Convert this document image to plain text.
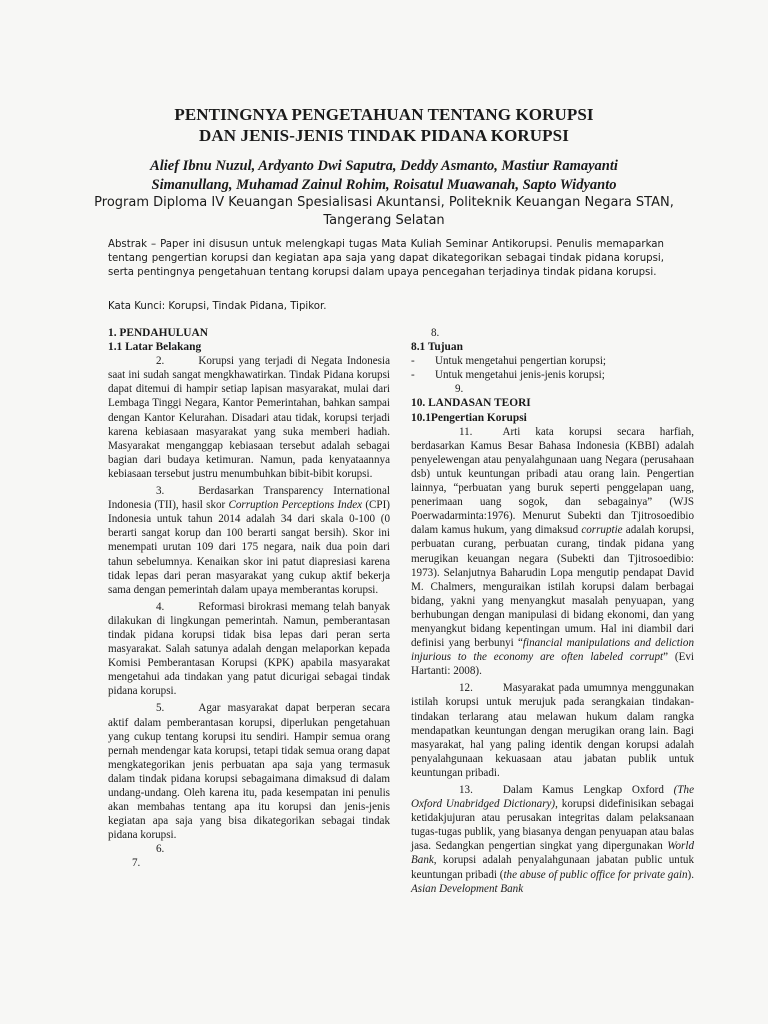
PENTINGNYA PENGETAHUAN TENTANG KORUPSI
DAN JENIS-JENIS TINDAK PIDANA KORUPSI
Alief Ibnu Nuzul, Ardyanto Dwi Saputra, Deddy Asmanto, Mastiur Ramayanti
Simanullang, Muhamad Zainul Rohim, Roisatul Muawanah, Sapto Widyanto
Program Diploma IV Keuangan Spesialisasi Akuntansi, Politeknik Keuangan Negara STAN,
Tangerang Selatan
Abstrak – Paper ini disusun untuk melengkapi tugas Mata Kuliah Seminar Antikorupsi. Penulis memaparkan tentang pengertian korupsi dan kegiatan apa saja yang dapat dikategorikan sebagai tindak pidana korupsi, serta pentingnya pengetahuan tentang korupsi dalam upaya pencegahan terjadinya tindak pidana korupsi.
Kata Kunci: Korupsi, Tindak Pidana, Tipikor.

1. PENDAHULUAN

1.1 Latar Belakang

2.	Korupsi yang terjadi di Negata Indonesia saat ini sudah sangat mengkhawatirkan. Tindak Pidana korupsi dapat ditemui di hampir setiap lapisan masyarakat, mulai dari Lembaga Tinggi Negara, Kantor Pemerintahan, bahkan sampai dengan Kantor Kelurahan. Disadari atau tidak, korupsi terjadi karena kebiasaan masyarakat yang suka memberi hadiah. Masyarakat menganggap kebiasaan tersebut adalah sebagai bagian dari budaya ketimuran. Namun, pada kenyataannya kebiasaan tersebut justru menumbuhkan bibit-bibit korupsi.

3.	Berdasarkan Transparency International Indonesia (TII), hasil skor Corruption Perceptions Index (CPI) Indonesia untuk tahun 2014 adalah 34 dari skala 0-100 (0 berarti sangat korup dan 100 berarti sangat bersih). Skor ini menempati urutan 109 dari 175 negara, naik dua poin dari tahun sebelumnya. Kenaikan skor ini patut diapresiasi karena tidak lepas dari peran masyarakat yang cukup aktif bekerja sama dengan pemerintah dalam upaya memberantas korupsi.

4.	Reformasi birokrasi memang telah banyak dilakukan di lingkungan pemerintah. Namun, pemberantasan tindak pidana korupsi tidak bisa lepas dari peran serta masyarakat. Salah satunya adalah dengan melaporkan kepada Komisi Pemberantasan Korupsi (KPK) apabila masyarakat mengetahui ada tindakan yang patut dicurigai sebagai tindak pidana korupsi.

5.	Agar masyarakat dapat berperan secara aktif dalam pemberantasan korupsi, diperlukan pengetahuan yang cukup tentang korupsi itu sendiri. Hampir semua orang pernah mendengar kata korupsi, tetapi tidak semua orang dapat mengkategorikan jenis perbuatan apa saja yang termasuk dalam tindak pidana korupsi sebagaimana dimaksud di dalam undang-undang. Oleh karena itu, pada kesempatan ini penulis akan membahas tentang apa itu korupsi dan jenis-jenis kegiatan apa saja yang bisa dikategorikan sebagai tindak pidana korupsi.

6.

7.

8.

8.1 Tujuan

-	Untuk mengetahui pengertian korupsi;
-	Untuk mengetahui jenis-jenis korupsi;

9.

10. LANDASAN TEORI

10.1Pengertian Korupsi

11.	Arti kata korupsi secara harfiah, berdasarkan Kamus Besar Bahasa Indonesia (KBBI) adalah penyelewengan atau penyalahgunaan uang Negara (perusahaan dsb) untuk keuntungan pribadi atau orang lain. Pengertian lainnya, “perbuatan yang buruk seperti penggelapan uang, penerimaan uang sogok, dan sebagainya” (WJS Poerwadarminta:1976). Menurut Subekti dan Tjitrosoedibio dalam kamus hukum, yang dimaksud corruptie adalah korupsi, perbuatan curang, perbuatan curang, tindak pidana yang merugikan keuangan negara (Subekti dan Tjitrosoedibio: 1973). Selanjutnya Baharudin Lopa mengutip pendapat David M. Chalmers, menguraikan istilah korupsi dalam berbagai bidang, yakni yang menyangkut masalah penyuapan, yang berhubungan dengan manipulasi di bidang ekonomi, dan yang menyangkut bidang kepentingan umum. Hal ini diambil dari definisi yang berbunyi “financial manipulations and deliction injurious to the economy are often labeled corrupt” (Evi Hartanti: 2008).

12.	Masyarakat pada umumnya menggunakan istilah korupsi untuk merujuk pada serangkaian tindakan-tindakan terlarang atau melawan hukum dalam rangka mendapatkan keuntungan dengan merugikan orang lain. Bagi masyarakat, hal yang paling identik dengan korupsi adalah penyalahgunaan kekuasaan atau jabatan publik untuk keuntungan pribadi.

13.	Dalam Kamus Lengkap Oxford (The Oxford Unabridged Dictionary), korupsi didefinisikan sebagai ketidakjujuran atau perusakan integritas dalam pelaksanaan tugas-tugas publik, yang biasanya dengan penyuapan atau balas jasa. Sedangkan pengertian singkat yang dipergunakan World Bank, korupsi adalah penyalahgunaan jabatan public untuk keuntungan pribadi (the abuse of public office for private gain). Asian Development Bank
